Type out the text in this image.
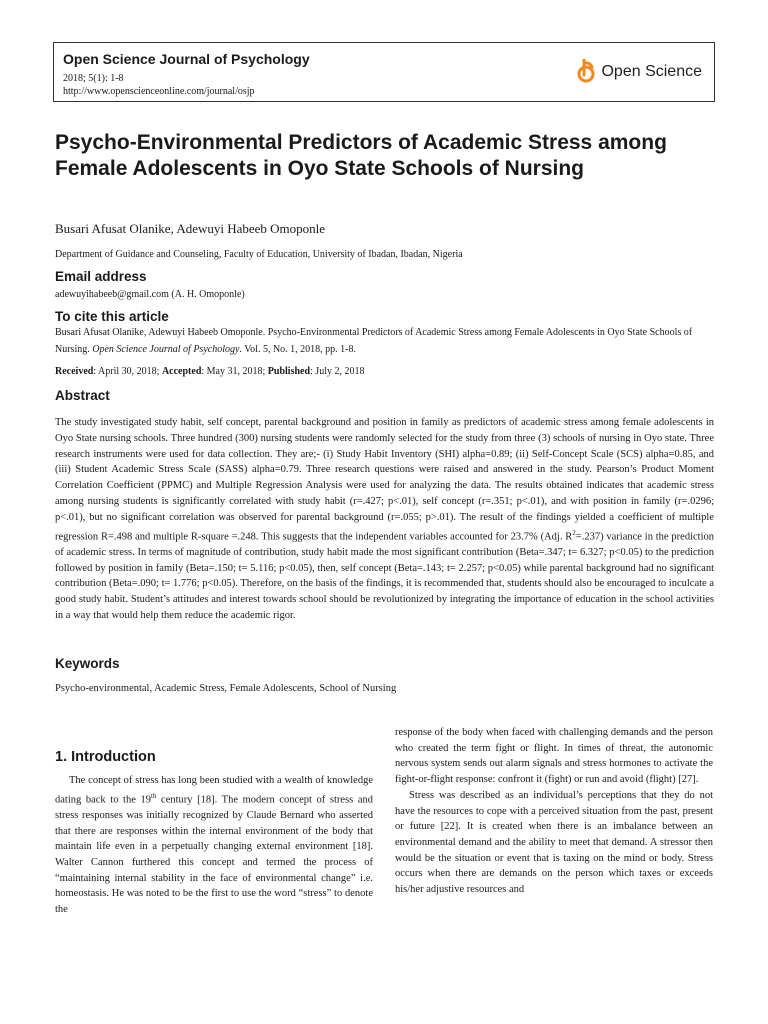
Open Science Journal of Psychology
2018; 5(1): 1-8
http://www.openscienceonline.com/journal/osjp
Open Science
Psycho-Environmental Predictors of Academic Stress among Female Adolescents in Oyo State Schools of Nursing

Busari Afusat Olanike, Adewuyi Habeeb Omoponle

Department of Guidance and Counseling, Faculty of Education, University of Ibadan, Ibadan, Nigeria

Email address

adewuyihabeeb@gmail.com (A. H. Omoponle)

To cite this article

Busari Afusat Olanike, Adewuyi Habeeb Omoponle. Psycho-Environmental Predictors of Academic Stress among Female Adolescents in Oyo State Schools of Nursing. Open Science Journal of Psychology. Vol. 5, No. 1, 2018, pp. 1-8.

Received: April 30, 2018; Accepted: May 31, 2018; Published: July 2, 2018

Abstract

The study investigated study habit, self concept, parental background and position in family as predictors of academic stress among female adolescents in Oyo State nursing schools. Three hundred (300) nursing students were randomly selected for the study from three (3) schools of nursing in Oyo state. Three research instruments were used for data collection. They are;- (i) Study Habit Inventory (SHI) alpha=0.89; (ii) Self-Concept Scale (SCS) alpha=0.85, and (iii) Student Academic Stress Scale (SASS) alpha=0.79. Three research questions were raised and answered in the study. Pearson’s Product Moment Correlation Coefficient (PPMC) and Multiple Regression Analysis were used for analyzing the data. The results obtained indicates that academic stress among nursing students is significantly correlated with study habit (r=.427; p<.01), self concept (r=.351; p<.01), and with position in family (r=.0296; p<.01), but no significant correlation was observed for parental background (r=.055; p>.01). The result of the findings yielded a coefficient of multiple regression R=.498 and multiple R-square =.248. This suggests that the independent variables accounted for 23.7% (Adj. $R^2=.237$) variance in the prediction of academic stress. In terms of magnitude of contribution, study habit made the most significant contribution (Beta=.347; t= 6.327; p<0.05) to the prediction followed by position in family (Beta=.150; t= 5.116; p<0.05), then, self concept (Beta=.143; t= 2.257; p<0.05) while parental background had no significant contribution (Beta=.090; t= 1.776; p<0.05). Therefore, on the basis of the findings, it is recommended that, students should also be encouraged to inculcate a good study habit. Student’s attitudes and interest towards school should be revolutionized by integrating the importance of education in the school activities in a way that would help them reduce the academic rigor.

Keywords

Psycho-environmental, Academic Stress, Female Adolescents, School of Nursing

1. Introduction

The concept of stress has long been studied with a wealth of knowledge dating back to the 19th century [18]. The modern concept of stress and stress responses was initially recognized by Claude Bernard who asserted that there are responses within the internal environment of the body that maintain life even in a perpetually changing external environment [18]. Walter Cannon furthered this concept and termed the process of “maintaining internal stability in the face of environmental change” i.e. homeostasis. He was noted to be the first to use the word “stress” to denote the

response of the body when faced with challenging demands and the person who created the term fight or flight. In times of threat, the autonomic nervous system sends out alarm signals and stress hormones to activate the fight-or-flight response: confront it (fight) or run and avoid (flight) [27].

Stress was described as an individual’s perceptions that they do not have the resources to cope with a perceived situation from the past, present or future [22]. It is created when there is an imbalance between an environmental demand and the ability to meet that demand. A stressor then would be the situation or event that is taxing on the mind or body. Stress occurs when there are demands on the person which taxes or exceeds his/her adjustive resources and
